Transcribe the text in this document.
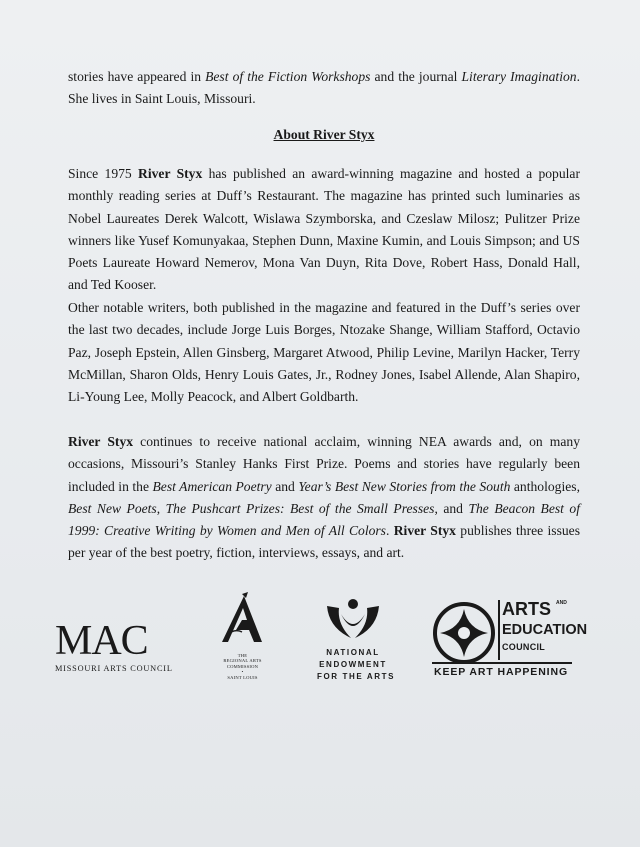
stories have appeared in Best of the Fiction Workshops and the journal Literary Imagination. She lives in Saint Louis, Missouri.

About River Styx

Since 1975 River Styx has published an award-winning magazine and hosted a popular monthly reading series at Duff’s Restaurant. The magazine has printed such luminaries as Nobel Laureates Derek Walcott, Wislawa Szymborska, and Czeslaw Milosz; Pulitzer Prize winners like Yusef Komunyakaa, Stephen Dunn, Maxine Kumin, and Louis Simpson; and US Poets Laureate Howard Nemerov, Mona Van Duyn, Rita Dove, Robert Hass, Donald Hall, and Ted Kooser.

Other notable writers, both published in the magazine and featured in the Duff’s series over the last two decades, include Jorge Luis Borges, Ntozake Shange, William Stafford, Octavio Paz, Joseph Epstein, Allen Ginsberg, Margaret Atwood, Philip Levine, Marilyn Hacker, Terry McMillan, Sharon Olds, Henry Louis Gates, Jr., Rodney Jones, Isabel Allende, Alan Shapiro, Li-Young Lee, Molly Peacock, and Albert Goldbarth.

River Styx continues to receive national acclaim, winning NEA awards and, on many occasions, Missouri’s Stanley Hanks First Prize. Poems and stories have regularly been included in the Best American Poetry and Year’s Best New Stories from the South anthologies, Best New Poets, The Pushcart Prizes: Best of the Small Presses, and The Beacon Best of 1999: Creative Writing by Women and Men of All Colors. River Styx publishes three issues per year of the best poetry, fiction, interviews, essays, and art.

MAC
MISSOURI ARTS COUNCIL
THE
REGIONAL ARTS
COMMISSION
•
SAINT LOUIS
NATIONAL
ENDOWMENT
FOR THE ARTS
ARTS AND
EDUCATION
COUNCIL
KEEP ART HAPPENING
